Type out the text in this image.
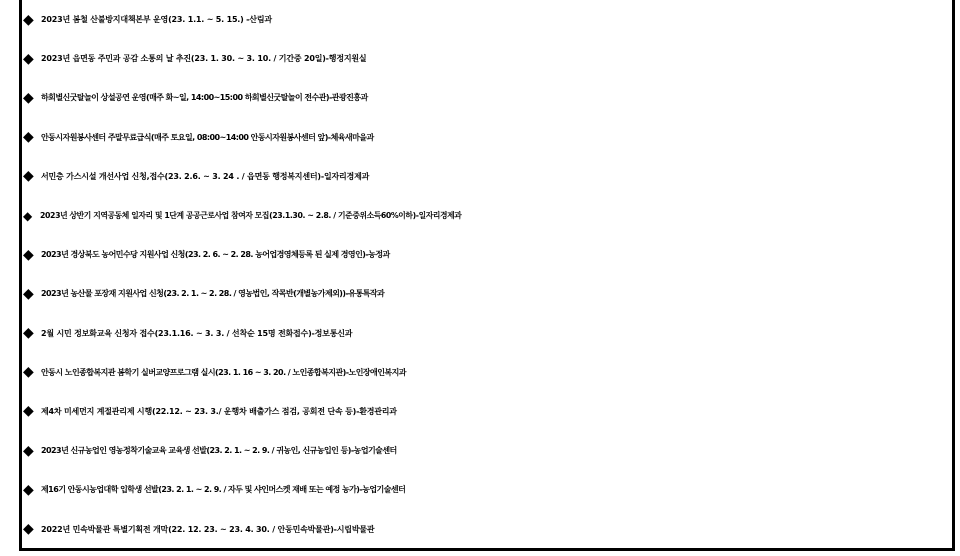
◆ 2023년 봄철 산불방지대책본부 운영(23. 1.1. ~ 5. 15.) -산림과
◆ 2023년 읍면동 주민과 공감 소통의 날 추진(23. 1. 30. ~ 3. 10. / 기간중 20일)-행정지원실
◆ 하회별신굿탈놀이 상설공연 운영(매주 화~일, 14:00~15:00 하회별신굿탈놀이 전수관)-관광진흥과
◆ 안동시자원봉사센터 주말무료급식(매주 토요일, 08:00~14:00 안동시자원봉사센터 앞)-체육새마을과
◆ 서민층 가스시설 개선사업 신청,접수(23. 2.6. ~ 3. 24 . / 읍면동 행정복지센터)-일자리경제과
◆	2023년 상반기 지역공동체 일자리 및 1단계 공공근로사업 참여자 모집(23.1.30. ~ 2.8. / 기준중위소득60%이하)-일자리경제과
◆ 2023년 경상북도 농어민수당 지원사업 신청(23. 2. 6. ~ 2. 28. 농어업경영체등록 된 실제 경영인)-농정과
◆ 2023년 농산물 포장재 지원사업 신청(23. 2. 1. ~ 2. 28. / 영농법인, 작목반(개별농가제외))-유통특작과
◆ 2월 시민 정보화교육 신청자 접수(23.1.16. ~ 3. 3. / 선착순 15명 전화접수)-정보통신과
◆ 안동시 노인종합복지관 봄학기 실버교양프로그램 실시(23. 1. 16 ~ 3. 20. / 노인종합복지관)-노인장애인복지과
◆ 제4차 미세먼지 계절관리제 시행(22.12. ~ 23. 3./ 운행차 배출가스 점검, 공회전 단속 등)-환경관리과
◆ 2023년 신규농업인 영농정착기술교육 교육생 선발(23. 2. 1. ~ 2. 9. / 귀농인, 신규농입인 등)-농업기술센터
◆ 제16기 안동시농업대학 입학생 선발(23. 2. 1. ~ 2. 9. / 자두 및 샤인머스켓 재배 또는 예정 농가)-농업기술센터
◆ 2022년 민속박물관 특별기획전 개막(22. 12. 23. ~ 23. 4. 30. / 안동민속박물관)-시립박물관
